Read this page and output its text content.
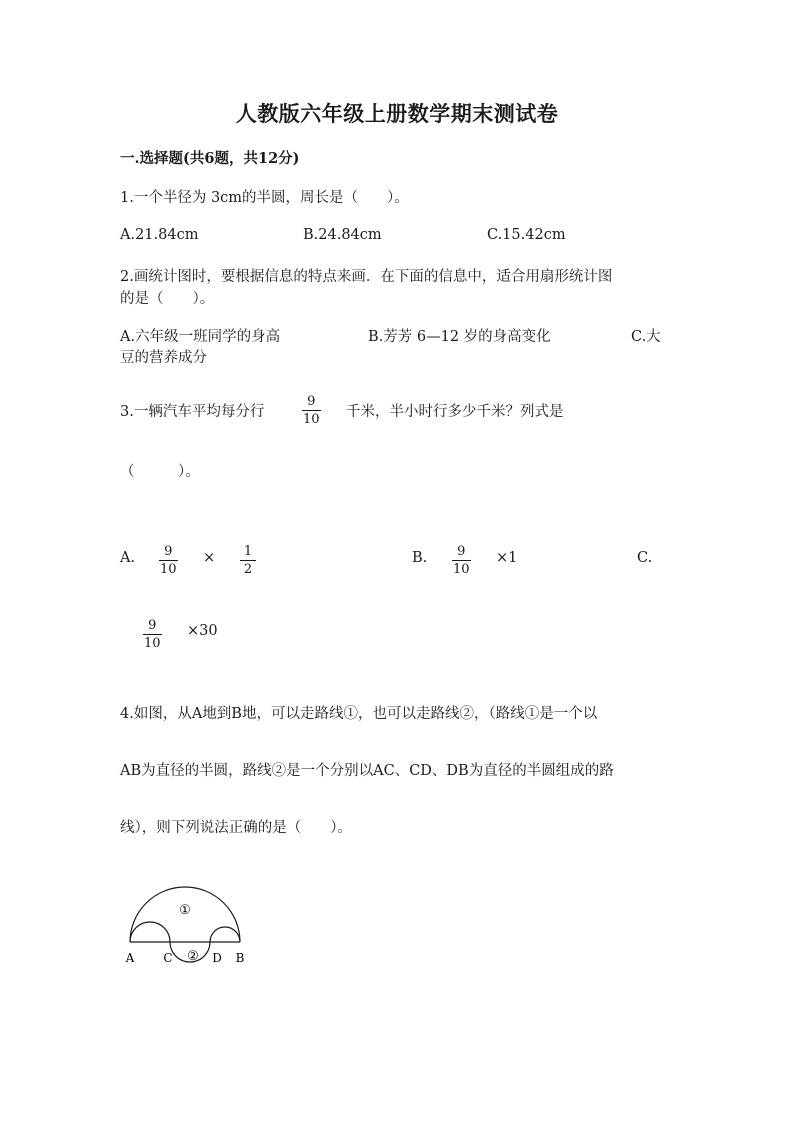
人教版六年级上册数学期末测试卷
一.选择题(共6题，共12分)
1.一个半径为 3cm的半圆，周长是（　　）。
A.21.84cm	B.24.84cm	C.15.42cm
2.画统计图时，要根据信息的特点来画．在下面的信息中，适合用扇形统计图
的是（　　）。
A.六年级一班同学的身高	B.芳芳 6—12 岁的身高变化	C.大
豆的营养成分
3.一辆汽车平均每分行
9
10 千米，半小时行多少千米？列式是
（　　　）。
A. 9
10
× 1
2
B. 9
10
×1	C.
9
10
×30
4.如图，从A地到B地，可以走路线①，也可以走路线②，（路线①是一个以
AB为直径的半圆，路线②是一个分别以AC、CD、DB为直径的半圆组成的路
线），则下列说法正确的是（　　）。
①
②
A C	D B
